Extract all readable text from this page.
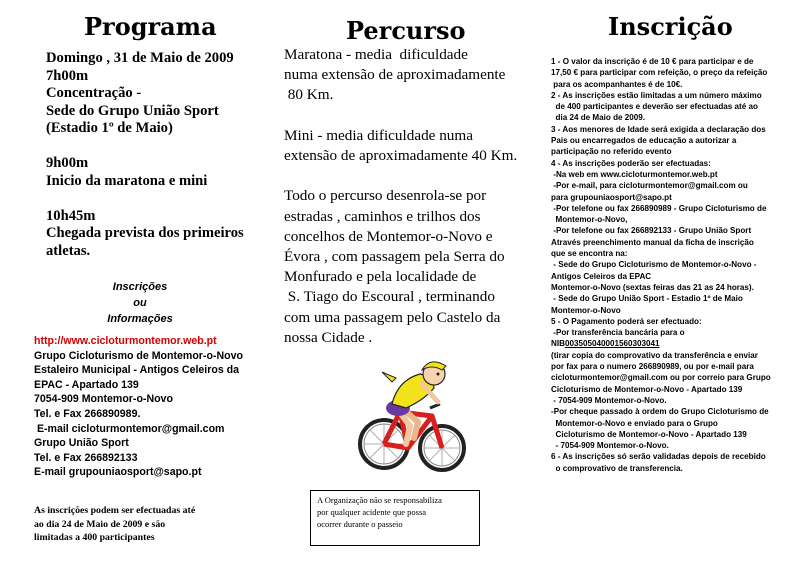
Programa
Domingo , 31 de Maio de 2009
7h00m
Concentração -
Sede do Grupo União Sport
(Estadio 1º de Maio)
9h00m
Inicio da maratona e mini
10h45m
Chegada prevista dos primeiros
atletas.
Inscrições
ou
Informações
http://www.cicloturmontemor.web.pt
Grupo Cicloturismo de Montemor-o-Novo
Estaleiro Municipal - Antigos Celeiros da
EPAC - Apartado 139
7054-909 Montemor-o-Novo
Tel. e Fax 266890989.
E-mail cicloturmontemor@gmail.com
Grupo União Sport
Tel. e Fax 266892133
E-mail grupouniaosport@sapo.pt
As inscrições podem ser efectuadas até
ao dia 24 de Maio de 2009 e são
limitadas a 400 participantes
Percurso
Maratona - media  dificuldade
numa extensão de aproximadamente
80 Km.
Mini - media dificuldade numa
extensão de aproximadamente 40 Km.
Todo o percurso desenrola-se por
estradas , caminhos e trilhos dos
concelhos de Montemor-o-Novo e
Évora , com passagem pela Serra do
Monfurado e pela localidade de
S. Tiago do Escoural , terminando
com uma passagem pelo Castelo da
nossa Cidade .
A Organização não se responsabiliza
por qualquer acidente que possa
ocorrer durante o passeio
Inscrição
1 - O valor da inscrição é de 10 € para participar e de
17,50 € para participar com refeição, o preço da refeição
para os acompanhantes é de 10€.
2 - As inscrições estão limitadas a um número máximo
de 400 participantes e deverão ser efectuadas até ao
dia 24 de Maio de 2009.
3 - Aos menores de Idade será exigida a declaração dos
Pais ou encarregados de educação a autorizar a
participação no referido evento
4 - As inscrições poderão ser efectuadas:
-Na web em www.cicloturmontemor.web.pt
-Por e-mail, para cicloturmontemor@gmail.com ou
para grupouniaosport@sapo.pt
-Por telefone ou fax 266890989 - Grupo Cicloturismo de
Montemor-o-Novo,
-Por telefone ou fax 266892133 - Grupo União Sport
Através preenchimento manual da ficha de inscrição
que se encontra na:
- Sede do Grupo Cicloturismo de Montemor-o-Novo -
Antigos Celeiros da EPAC
Montemor-o-Novo (sextas feiras das 21 as 24 horas).
- Sede do Grupo União Sport - Estadio 1º de Maio
Montemor-o-Novo
5 - O Pagamento poderá ser efectuado:
-Por transferência bancária para o
NIB003505040001560303041
(tirar copia do comprovativo da transferência e enviar
por fax para o numero 266890989, ou por e-mail para
cicloturmontemor@gmail.com ou por correio para Grupo
Cicloturismo de Montemor-o-Novo - Apartado 139
- 7054-909 Montemor-o-Novo.
-Por cheque passado à ordem do Grupo Cicloturismo de
Montemor-o-Novo e enviado para o Grupo
Cicloturismo de Montemor-o-Novo - Apartado 139
- 7054-909 Montemor-o-Novo.
6 - As inscrições só serão validadas depois de recebido
o comprovativo de transferencia.
